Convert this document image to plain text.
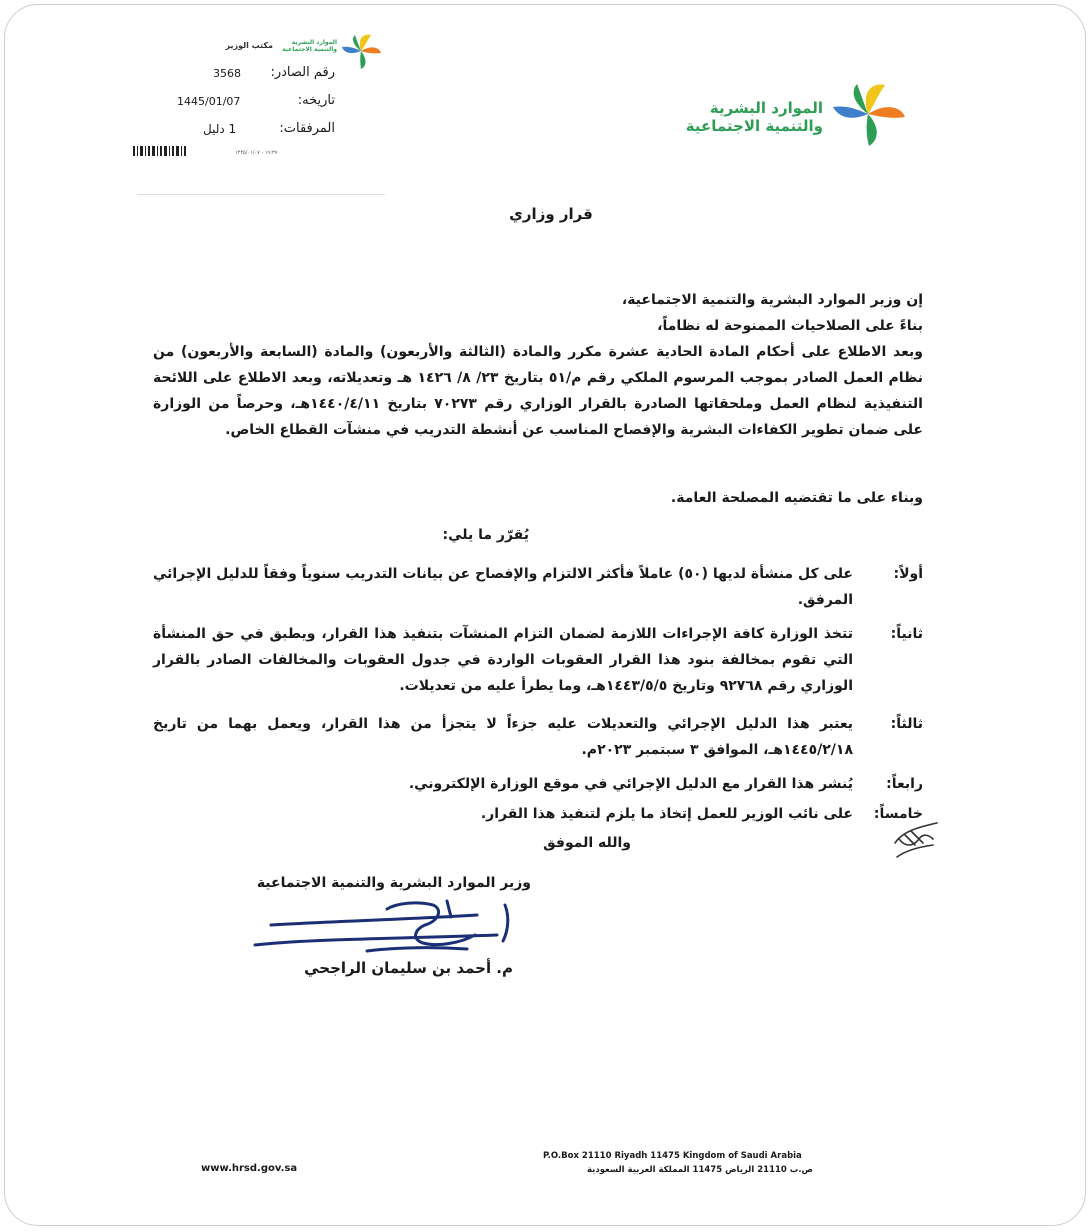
الموارد البشرية والتنمية الاجتماعية
مكتب الوزير
رقم الصادر:
3568
تاريخه:
1445/01/07
المرفقات:
1 دليل
۱۴۴۵/۰۱/۰۷ - ۱۹:۳۷
الموارد البشرية
والتنمية الاجتماعية
قرار وزاري
إن وزير الموارد البشرية والتنمية الاجتماعية،
بناءً على الصلاحيات الممنوحة له نظاماً،
وبعد الاطلاع على أحكام المادة الحادية عشرة مكرر والمادة (الثالثة والأربعون) والمادة (السابعة والأربعون) من نظام العمل الصادر بموجب المرسوم الملكي رقم م/٥١ بتاريخ ٢٣/ ٨/ ١٤٢٦ هـ وتعديلاته، وبعد الاطلاع على اللائحة التنفيذية لنظام العمل وملحقاتها الصادرة بالقرار الوزاري رقم ٧٠٢٧٣ بتاريخ ١٤٤٠/٤/١١هـ، وحرصاً من الوزارة على ضمان تطوير الكفاءات البشرية والإفصاح المناسب عن أنشطة التدريب في منشآت القطاع الخاص.
وبناء على ما تقتضيه المصلحة العامة.
يُقرّر ما يلي:
أولاً:
على كل منشأة لديها (٥٠) عاملاً فأكثر الالتزام والإفصاح عن بيانات التدريب سنوياً وفقاً للدليل الإجرائي المرفق.
ثانياً:
تتخذ الوزارة كافة الإجراءات اللازمة لضمان التزام المنشآت بتنفيذ هذا القرار، ويطبق في حق المنشأة التي تقوم بمخالفة بنود هذا القرار العقوبات الواردة في جدول العقوبات والمخالفات الصادر بالقرار الوزاري رقم ٩٢٧٦٨ وتاريخ ١٤٤٣/٥/٥هـ، وما يطرأ عليه من تعديلات.
ثالثاً:
يعتبر هذا الدليل الإجرائي والتعديلات عليه جزءاً لا يتجزأ من هذا القرار، ويعمل بهما من تاريخ ١٤٤٥/٢/١٨هـ، الموافق ٣ سبتمبر ٢٠٢٣م.
رابعاً:
يُنشر هذا القرار مع الدليل الإجرائي في موقع الوزارة الإلكتروني.
خامساً:
على نائب الوزير للعمل إتخاذ ما يلزم لتنفيذ هذا القرار.
والله الموفق
وزير الموارد البشرية والتنمية الاجتماعية
م. أحمد بن سليمان الراجحي
www.hrsd.gov.sa
P.O.Box 21110 Riyadh 11475 Kingdom of Saudi Arabia
ص.ب 21110 الرياض 11475 المملكة العربية السعودية
